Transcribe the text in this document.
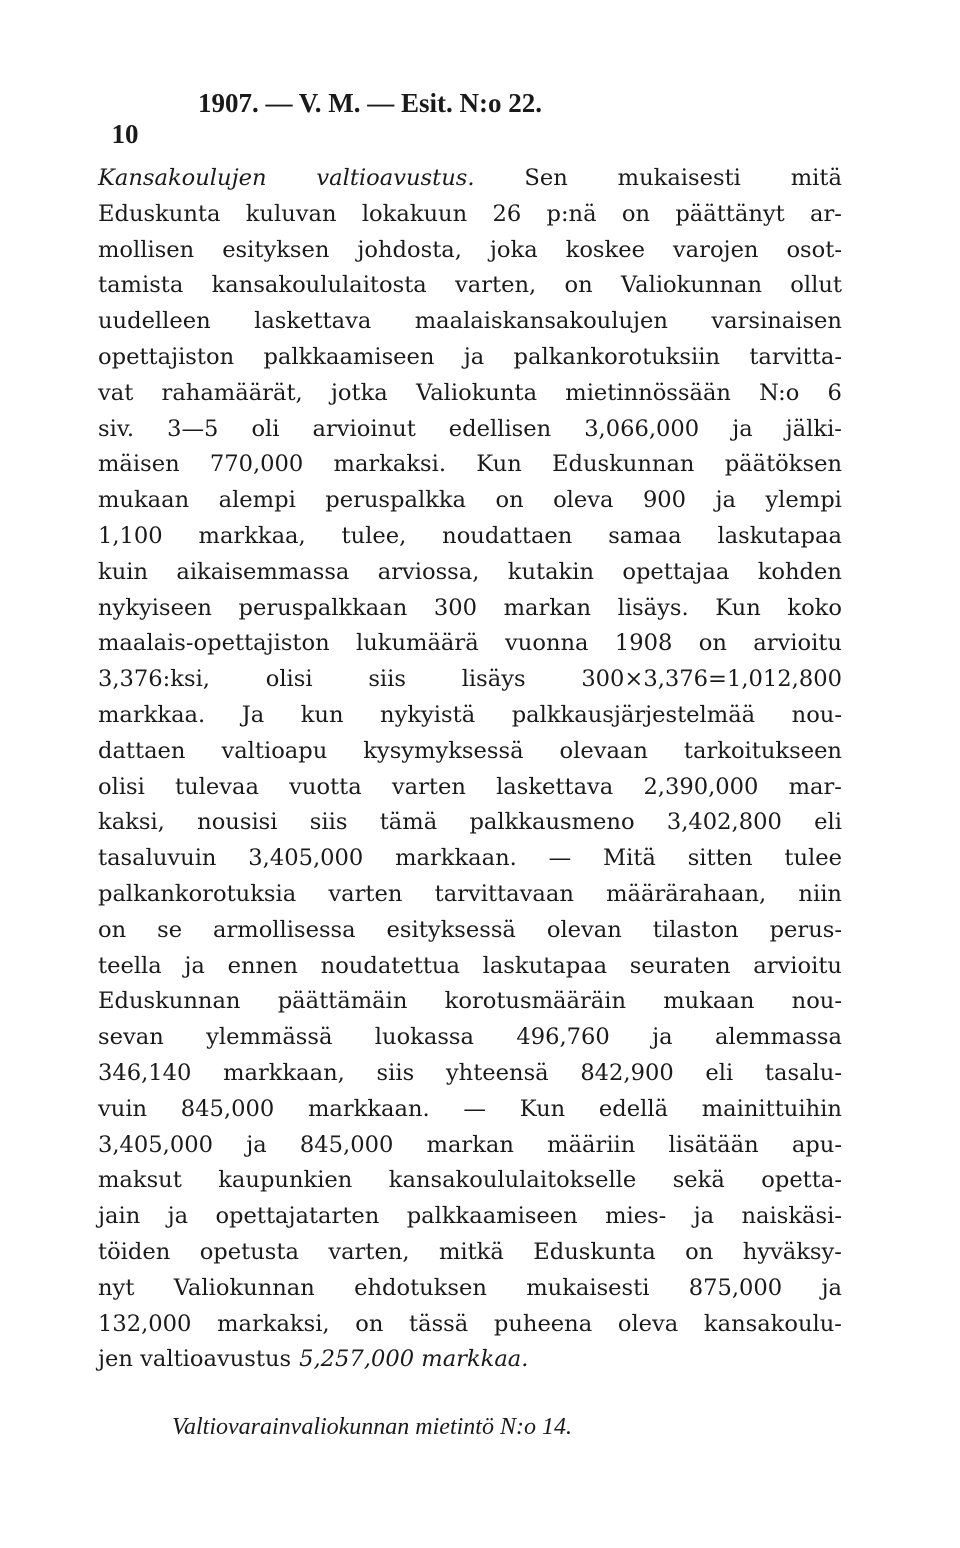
10

1907. — V. M. — Esit. N:o 22.

Kansakoulujen valtioavustus. Sen mukaisesti mitä
Eduskunta kuluvan lokakuun 26 p:nä on päättänyt ar-
mollisen esityksen johdosta, joka koskee varojen osot-
tamista kansakoululaitosta varten, on Valiokunnan ollut
uudelleen laskettava maalaiskansakoulujen varsinaisen
opettajiston palkkaamiseen ja palkankorotuksiin tarvitta-
vat rahamäärät, jotka Valiokunta mietinnössään N:o 6
siv. 3—5 oli arvioinut edellisen 3,066,000 ja jälki-
mäisen 770,000 markaksi. Kun Eduskunnan päätöksen
mukaan alempi peruspalkka on oleva 900 ja ylempi
1,100 markkaa, tulee, noudattaen samaa laskutapaa
kuin aikaisemmassa arviossa, kutakin opettajaa kohden
nykyiseen peruspalkkaan 300 markan lisäys. Kun koko
maalais-opettajiston lukumäärä vuonna 1908 on arvioitu
3,376:ksi, olisi siis lisäys 300×3,376=1,012,800
markkaa. Ja kun nykyistä palkkausjärjestelmää nou-
dattaen valtioapu kysymyksessä olevaan tarkoitukseen
olisi tulevaa vuotta varten laskettava 2,390,000 mar-
kaksi, nousisi siis tämä palkkausmeno 3,402,800 eli
tasaluvuin 3,405,000 markkaan. — Mitä sitten tulee
palkankorotuksia varten tarvittavaan määrärahaan, niin
on se armollisessa esityksessä olevan tilaston perus-
teella ja ennen noudatettua laskutapaa seuraten arvioitu
Eduskunnan päättämäin korotusmääräin mukaan nou-
sevan ylemmässä luokassa 496,760 ja alemmassa
346,140 markkaan, siis yhteensä 842,900 eli tasalu-
vuin 845,000 markkaan. — Kun edellä mainittuihin
3,405,000 ja 845,000 markan määriin lisätään apu-
maksut kaupunkien kansakoululaitokselle sekä opetta-
jain ja opettajatarten palkkaamiseen mies- ja naiskäsi-
töiden opetusta varten, mitkä Eduskunta on hyväksy-
nyt Valiokunnan ehdotuksen mukaisesti 875,000 ja
132,000 markaksi, on tässä puheena oleva kansakoulu-
jen valtioavustus 5,257,000 markkaa.
Valtiovarainvaliokunnan mietintö N:o 14.
